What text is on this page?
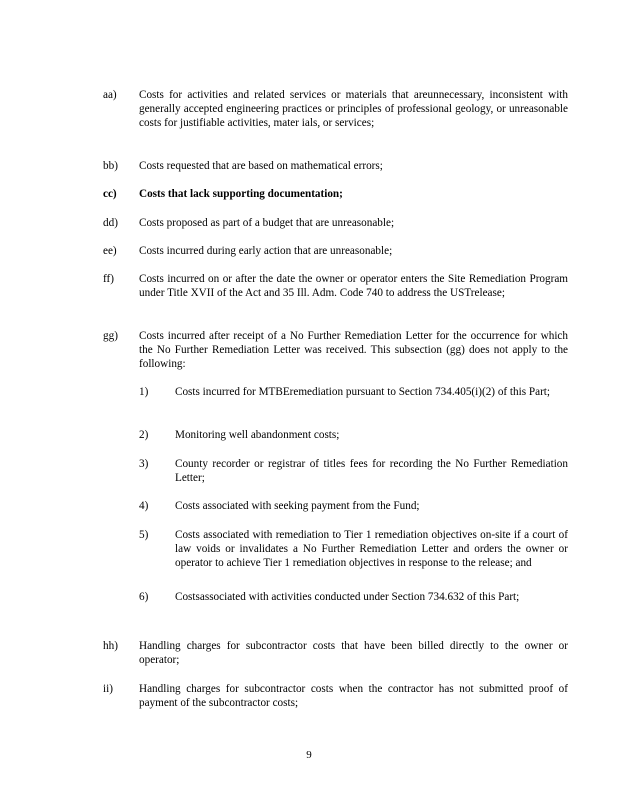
aa)	Costs for activities and related services or materials that areunnecessary, inconsistent with generally accepted engineering practices or principles of professional geology, or unreasonable costs for justifiable activities, mater ials, or services;
bb)	Costs requested that are based on mathematical errors;
cc)	Costs that lack supporting documentation;
dd)	Costs proposed as part of a budget that are unreasonable;
ee)	Costs incurred during early action that are unreasonable;
ff)	Costs incurred on or after the date the owner or operator enters the Site Remediation Program under Title XVII of the Act and 35 Ill. Adm. Code 740 to address the USTrelease;
gg)	Costs incurred after receipt of a No Further Remediation Letter for the occurrence for which the No Further Remediation Letter was received. This subsection (gg) does not apply to the following:
1)	Costs incurred for MTBEremediation pursuant to Section 734.405(i)(2) of this Part;
2)	Monitoring well abandonment costs;
3)	County recorder or registrar of titles fees for recording the No Further Remediation Letter;
4)	Costs associated with seeking payment from the Fund;
5)	Costs associated with remediation to Tier 1 remediation objectives on-site if a court of law voids or invalidates a No Further Remediation Letter and orders the owner or operator to achieve Tier 1 remediation objectives in response to the release; and
6)	Costsassociated with activities conducted under Section 734.632 of this Part;
hh)	Handling charges for subcontractor costs that have been billed directly to the owner or operator;
ii)	Handling charges for subcontractor costs when the contractor has not submitted proof of payment of the subcontractor costs;
9
